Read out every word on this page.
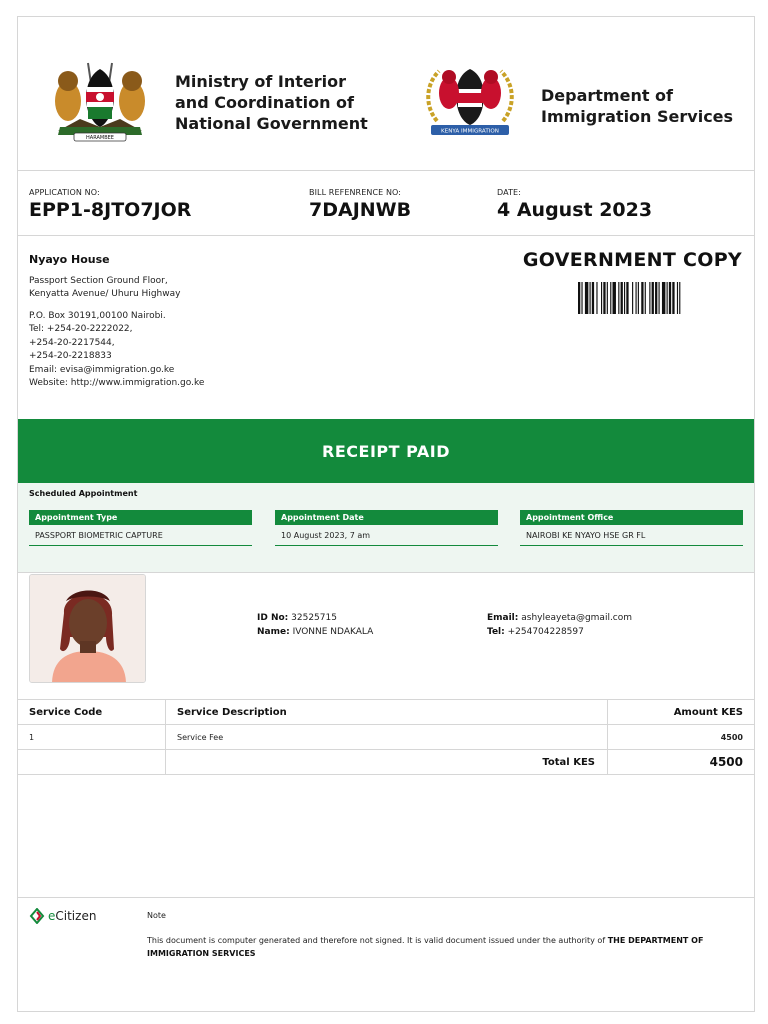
HARAMBEE
Ministry of Interior
and Coordination of
National Government	KENYA IMMIGRATION
Department of
Immigration Services
APPLICATION NO:
EPP1-8JTO7JOR
BILL REFENRENCE NO:
7DAJNWB
DATE:
4 August 2023
Nyayo House
Passport Section Ground Floor,
Kenyatta Avenue/ Uhuru Highway
P.O. Box 30191,00100 Nairobi.
Tel: +254-20-2222022,
+254-20-2217544,
+254-20-2218833
Email: evisa@immigration.go.ke
Website: http://www.immigration.go.ke
GOVERNMENT COPY
RECEIPT PAID
Scheduled Appointment
Appointment Type
PASSPORT BIOMETRIC CAPTURE
Appointment Date
10 August 2023, 7 am
Appointment Office
NAIROBI KE NYAYO HSE GR FL
ID No: 32525715
Name: IVONNE NDAKALA
Email: ashyleayeta@gmail.com
Tel: +254704228597
Service Code	Service Description	Amount KES
1	Service Fee	4500
Total KES	4500
eCitizen	Note
This document is computer generated and therefore not signed. It is valid document issued under the authority of THE DEPARTMENT OF IMMIGRATION SERVICES
